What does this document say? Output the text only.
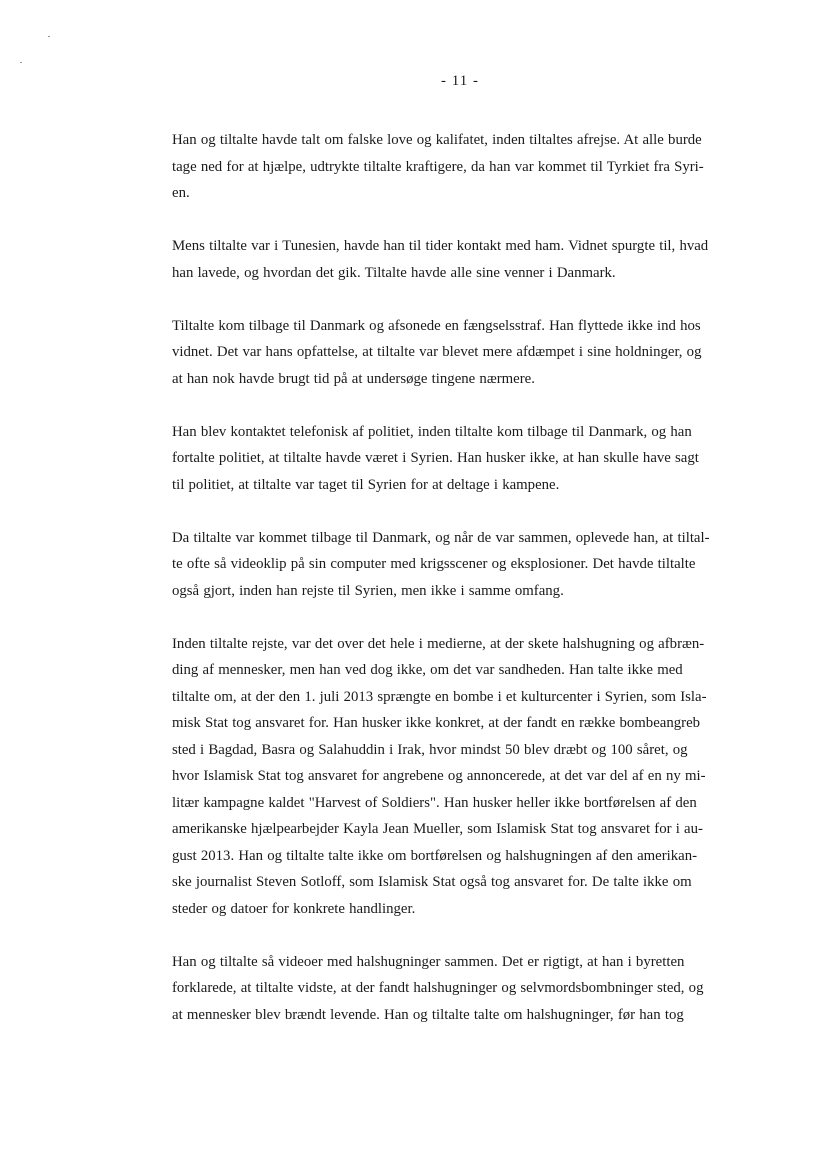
- 11 -

Han og tiltalte havde talt om falske love og kalifatet, inden tiltaltes afrejse. At alle burde
tage ned for at hjælpe, udtrykte tiltalte kraftigere, da han var kommet til Tyrkiet fra Syri-
en.

Mens tiltalte var i Tunesien, havde han til tider kontakt med ham. Vidnet spurgte til, hvad
han lavede, og hvordan det gik. Tiltalte havde alle sine venner i Danmark.

Tiltalte kom tilbage til Danmark og afsonede en fængselsstraf. Han flyttede ikke ind hos
vidnet. Det var hans opfattelse, at tiltalte var blevet mere afdæmpet i sine holdninger, og
at han nok havde brugt tid på at undersøge tingene nærmere.

Han blev kontaktet telefonisk af politiet, inden tiltalte kom tilbage til Danmark, og han
fortalte politiet, at tiltalte havde været i Syrien. Han husker ikke, at han skulle have sagt
til politiet, at tiltalte var taget til Syrien for at deltage i kampene.

Da tiltalte var kommet tilbage til Danmark, og når de var sammen, oplevede han, at tiltal-
te ofte så videoklip på sin computer med krigsscener og eksplosioner. Det havde tiltalte
også gjort, inden han rejste til Syrien, men ikke i samme omfang.

Inden tiltalte rejste, var det over det hele i medierne, at der skete halshugning og afbræn-
ding af mennesker, men han ved dog ikke, om det var sandheden. Han talte ikke med
tiltalte om, at der den 1. juli 2013 sprængte en bombe i et kulturcenter i Syrien, som Isla-
misk Stat tog ansvaret for. Han husker ikke konkret, at der fandt en række bombeangreb
sted i Bagdad, Basra og Salahuddin i Irak, hvor mindst 50 blev dræbt og 100 såret, og
hvor Islamisk Stat tog ansvaret for angrebene og annoncerede, at det var del af en ny mi-
litær kampagne kaldet "Harvest of Soldiers". Han husker heller ikke bortførelsen af den
amerikanske hjælpearbejder Kayla Jean Mueller, som Islamisk Stat tog ansvaret for i au-
gust 2013. Han og tiltalte talte ikke om bortførelsen og halshugningen af den amerikan-
ske journalist Steven Sotloff, som Islamisk Stat også tog ansvaret for. De talte ikke om
steder og datoer for konkrete handlinger.

Han og tiltalte så videoer med halshugninger sammen. Det er rigtigt, at han i byretten
forklarede, at tiltalte vidste, at der fandt halshugninger og selvmordsbombninger sted, og
at mennesker blev brændt levende. Han og tiltalte talte om halshugninger, før han tog
